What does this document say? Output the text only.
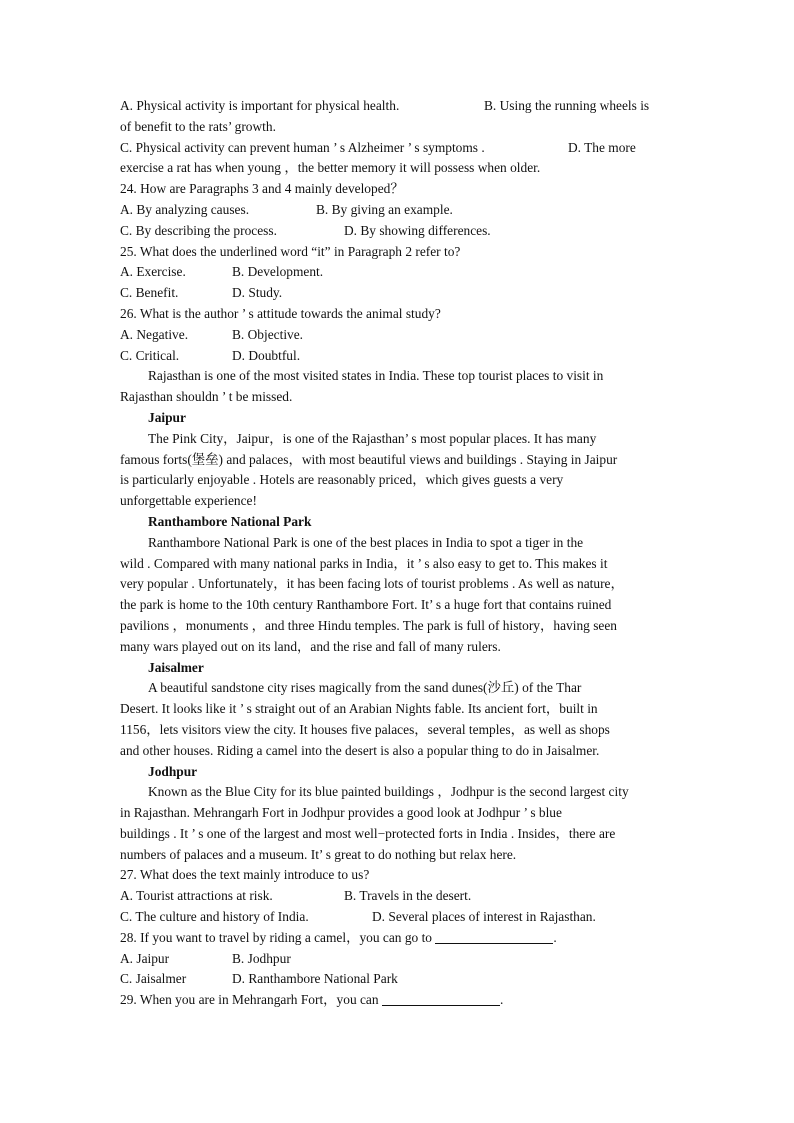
A. Physical activity is important for physical health.	B. Using the running wheels is
of benefit to the rats’ growth.
C. Physical activity can prevent human ’ s Alzheimer ’ s symptoms .	D. The more
exercise a rat has when young ，the better memory it will possess when older.
24. How are Paragraphs 3 and 4 mainly developed？
A. By analyzing causes.	B. By giving an example.
C. By describing the process.	D. By showing differences.
25. What does the underlined word “it” in Paragraph 2 refer to?
A. Exercise.	B. Development.
C. Benefit.	D. Study.
26. What is the author ’ s attitude towards the animal study?
A. Negative.	B. Objective.
C. Critical.	D. Doubtful.
Rajasthan is one of the most visited states in India. These top tourist places to visit in
Rajasthan shouldn ’ t be missed.
Jaipur
The Pink City，Jaipur，is one of the Rajasthan’ s most popular places. It has many
famous forts(堡垒) and palaces，with most beautiful views and buildings . Staying in Jaipur
is particularly enjoyable . Hotels are reasonably priced，which gives guests a very
unforgettable experience!
Ranthambore National Park
Ranthambore National Park is one of the best places in India to spot a tiger in the
wild . Compared with many national parks in India，it ’ s also easy to get to. This makes it
very popular . Unfortunately，it has been facing lots of tourist problems . As well as nature，
the park is home to the 10th century Ranthambore Fort. It’ s a huge fort that contains ruined
pavilions ，monuments ，and three Hindu temples. The park is full of history，having seen
many wars played out on its land，and the rise and fall of many rulers.
Jaisalmer
A beautiful sandstone city rises magically from the sand dunes(沙丘) of the Thar
Desert. It looks like it ’ s straight out of an Arabian Nights fable. Its ancient fort，built in
1156，lets visitors view the city. It houses five palaces，several temples，as well as shops
and other houses. Riding a camel into the desert is also a popular thing to do in Jaisalmer.
Jodhpur
Known as the Blue City for its blue painted buildings ，Jodhpur is the second largest city
in Rajasthan. Mehrangarh Fort in Jodhpur provides a good look at Jodhpur ’ s blue
buildings . It ’ s one of the largest and most well−protected forts in India . Insides，there are
numbers of palaces and a museum. It’ s great to do nothing but relax here.
27. What does the text mainly introduce to us?
A. Tourist attractions at risk.	B. Travels in the desert.
C. The culture and history of India.	D. Several places of interest in Rajasthan.
28. If you want to travel by riding a camel，you can go to	.
A. Jaipur	B. Jodhpur
C. Jaisalmer	D. Ranthambore National Park
29. When you are in Mehrangarh Fort，you can	.
